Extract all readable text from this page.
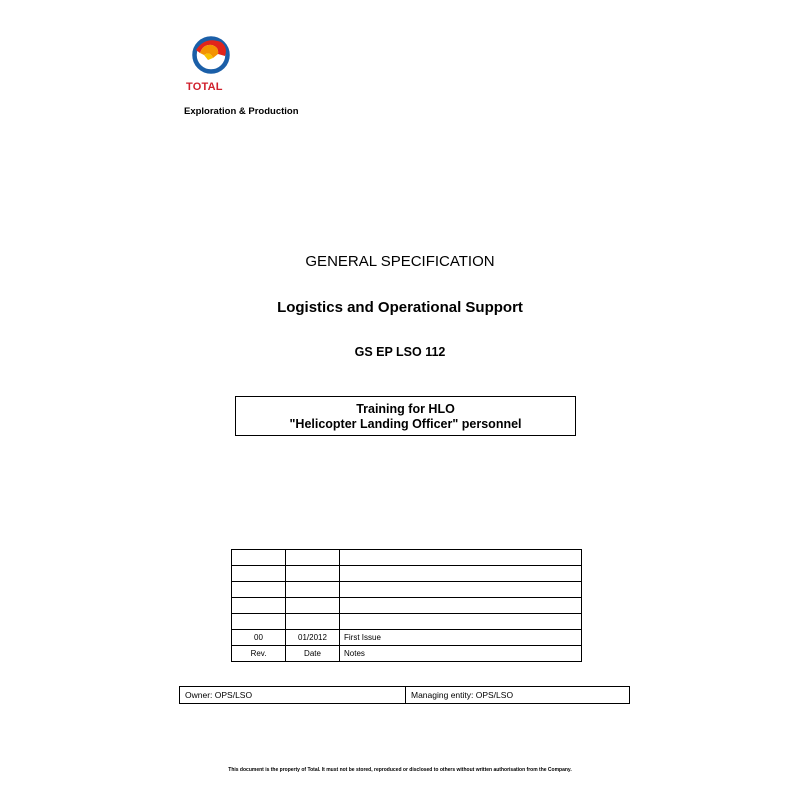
TOTAL
Exploration & Production
GENERAL SPECIFICATION
Logistics and Operational Support
GS EP LSO 112
Training for HLO
"Helicopter Landing Officer" personnel

00	01/2012	First Issue
Rev.	Date	Notes
Owner: OPS/LSO	Managing entity: OPS/LSO
This document is the property of Total. It must not be stored, reproduced or disclosed to others without written authorisation from the Company.
